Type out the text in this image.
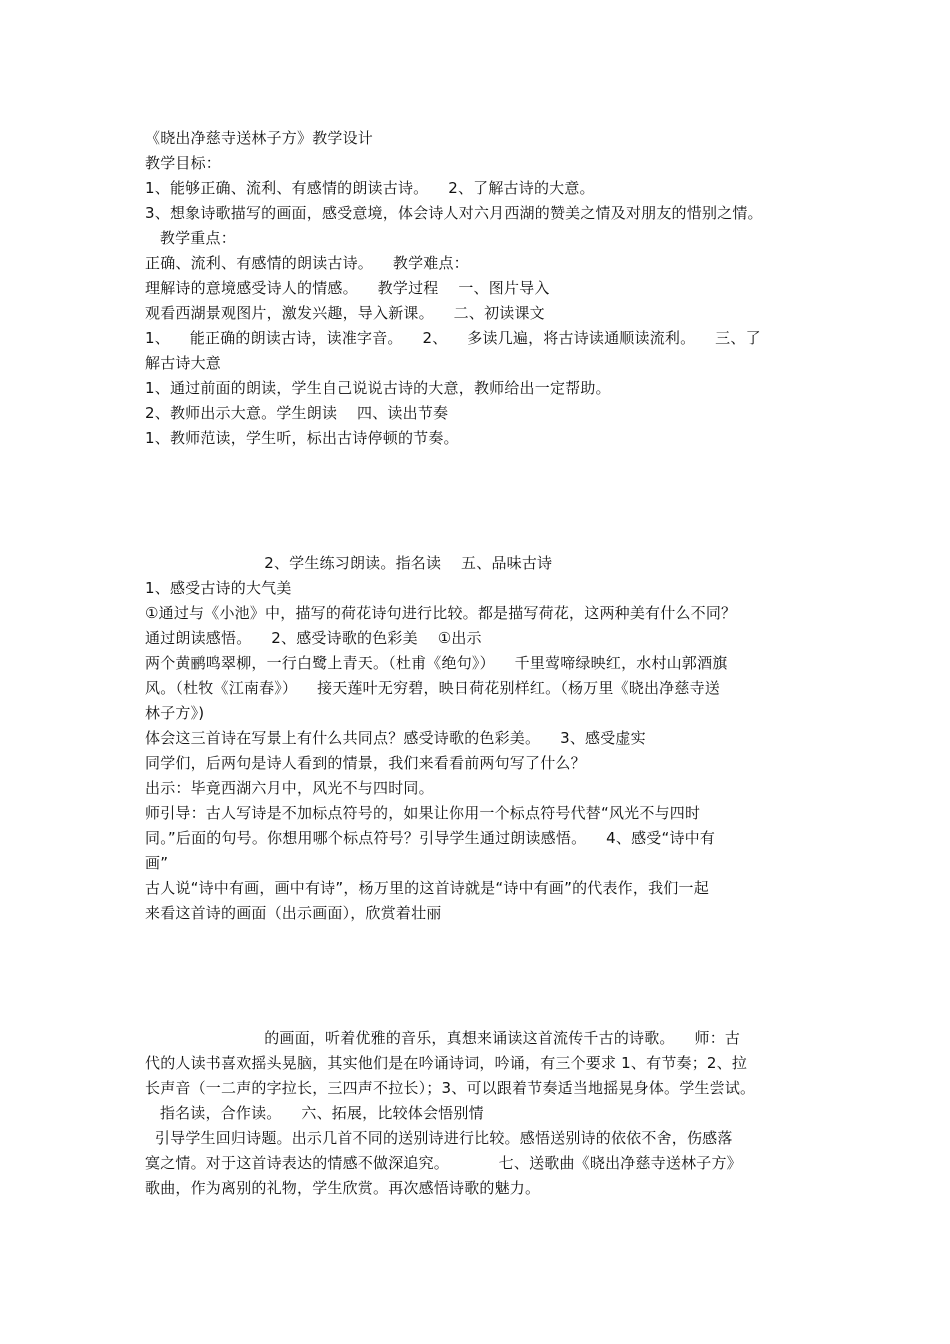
《晓出净慈寺送林子方》教学设计
教学目标：
1、能够正确、流利、有感情的朗读古诗。    2、了解古诗的大意。
3、想象诗歌描写的画面，感受意境，体会诗人对六月西湖的赞美之情及对朋友的惜别之情。
教学重点：
正确、流利、有感情的朗读古诗。    教学难点：
理解诗的意境感受诗人的情感。    教学过程    一、图片导入
观看西湖景观图片，激发兴趣，导入新课。    二、初读课文
1、    能正确的朗读古诗，读准字音。    2、    多读几遍，将古诗读通顺读流利。    三、了
解古诗大意
1、通过前面的朗读，学生自己说说古诗的大意，教师给出一定帮助。
2、教师出示大意。学生朗读    四、读出节奏
1、教师范读，学生听，标出古诗停顿的节奏。
2、学生练习朗读。指名读    五、品味古诗
1、感受古诗的大气美
①通过与《小池》中，描写的荷花诗句进行比较。都是描写荷花，这两种美有什么不同？
通过朗读感悟。    2、感受诗歌的色彩美    ①出示
两个黄鹂鸣翠柳，一行白鹭上青天。（杜甫《绝句》）    千里莺啼绿映红，水村山郭酒旗
风。（杜牧《江南春》）    接天莲叶无穷碧，映日荷花别样红。（杨万里《晓出净慈寺送
林子方》)
体会这三首诗在写景上有什么共同点？感受诗歌的色彩美。    3、感受虚实
同学们，后两句是诗人看到的情景，我们来看看前两句写了什么？
出示：毕竟西湖六月中，风光不与四时同。
师引导：古人写诗是不加标点符号的，如果让你用一个标点符号代替“风光不与四时
同。”后面的句号。你想用哪个标点符号？引导学生通过朗读感悟。    4、感受“诗中有
画”
古人说“诗中有画，画中有诗”，杨万里的这首诗就是“诗中有画”的代表作，我们一起
来看这首诗的画面（出示画面），欣赏着壮丽
的画面，听着优雅的音乐，真想来诵读这首流传千古的诗歌。    师：古
代的人读书喜欢摇头晃脑，其实他们是在吟诵诗词，吟诵，有三个要求 1、有节奏；2、拉
长声音（一二声的字拉长，三四声不拉长）；3、可以跟着节奏适当地摇晃身体。学生尝试。
指名读，合作读。    六、拓展，比较体会悟别情
引导学生回归诗题。出示几首不同的送别诗进行比较。感悟送别诗的依依不舍，伤感落
寞之情。对于这首诗表达的情感不做深追究。          七、送歌曲《晓出净慈寺送林子方》
歌曲，作为离别的礼物，学生欣赏。再次感悟诗歌的魅力。
